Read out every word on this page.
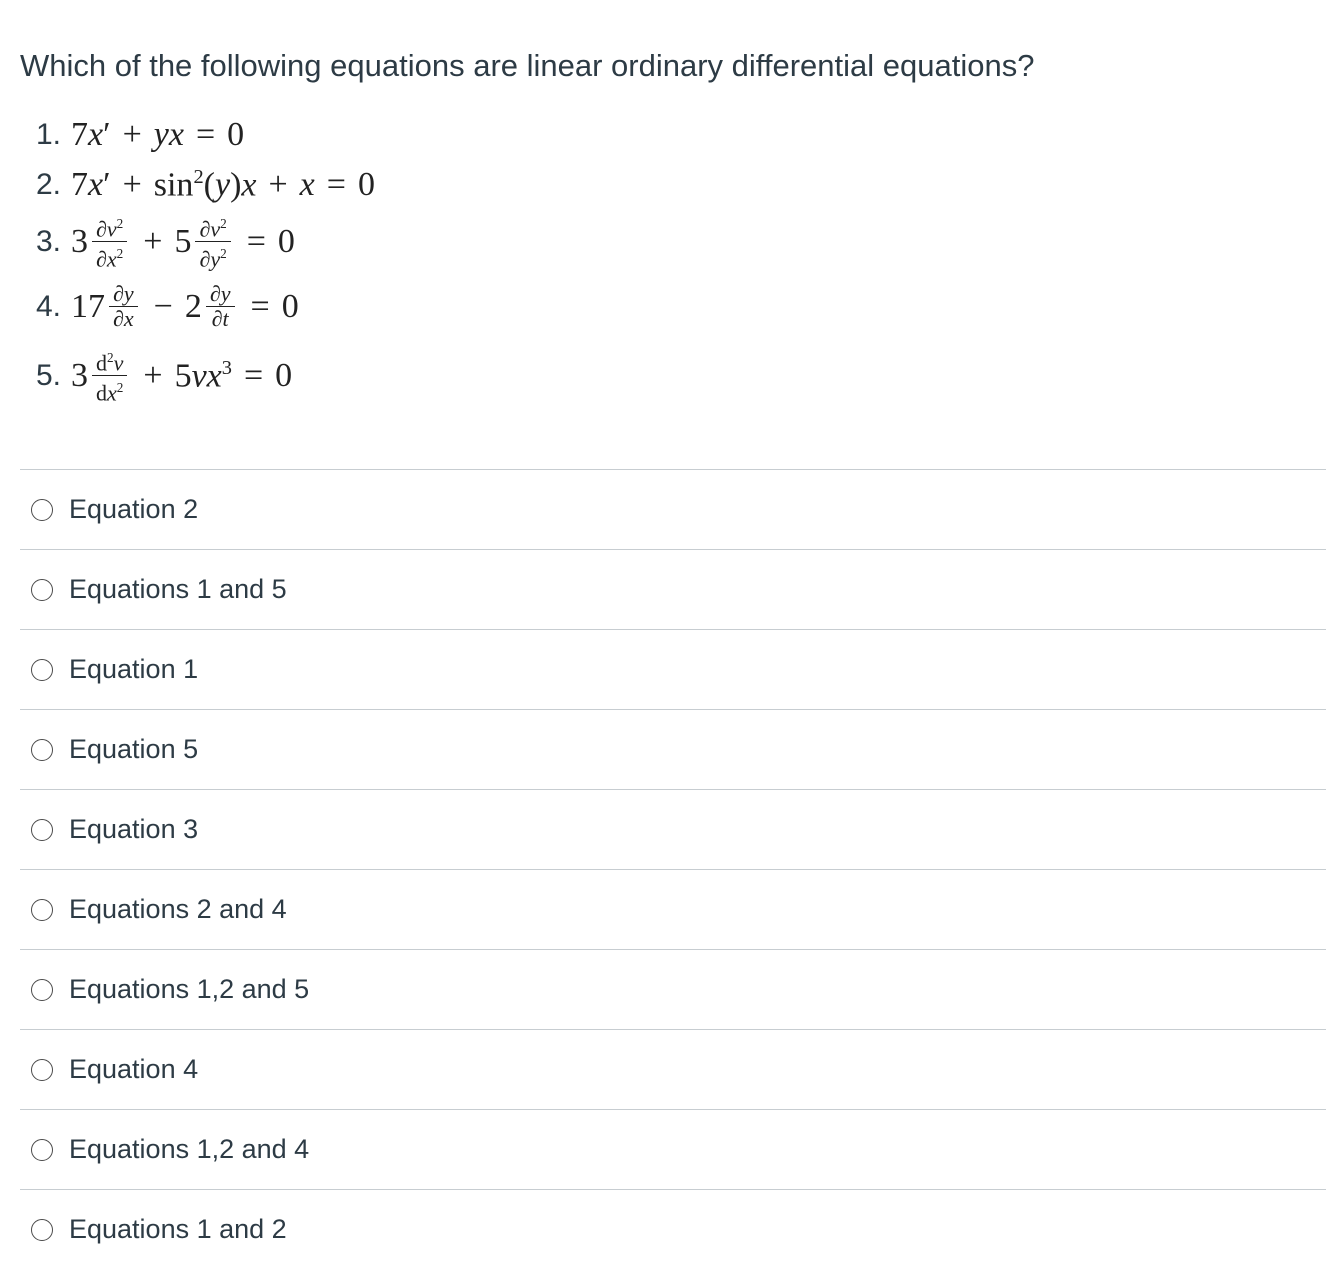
Which of the following equations are linear ordinary differential equations?
1. 7x′ + yx = 0
2. $7x' + \sin^2(y)x + x = 0$
3. $3 \frac{\partial v^2}{\partial x^2} + 5 \frac{\partial v^2}{\partial y^2} = 0$
4. $17 \frac{\partial y}{\partial x} - 2 \frac{\partial y}{\partial t} = 0$
5. $3 \frac{d^2v}{dx^2} + 5vx^3 = 0$
Equation 2
Equations 1 and 5
Equation 1
Equation 5
Equation 3
Equations 2 and 4
Equations 1,2 and 5
Equation 4
Equations 1,2 and 4
Equations 1 and 2
